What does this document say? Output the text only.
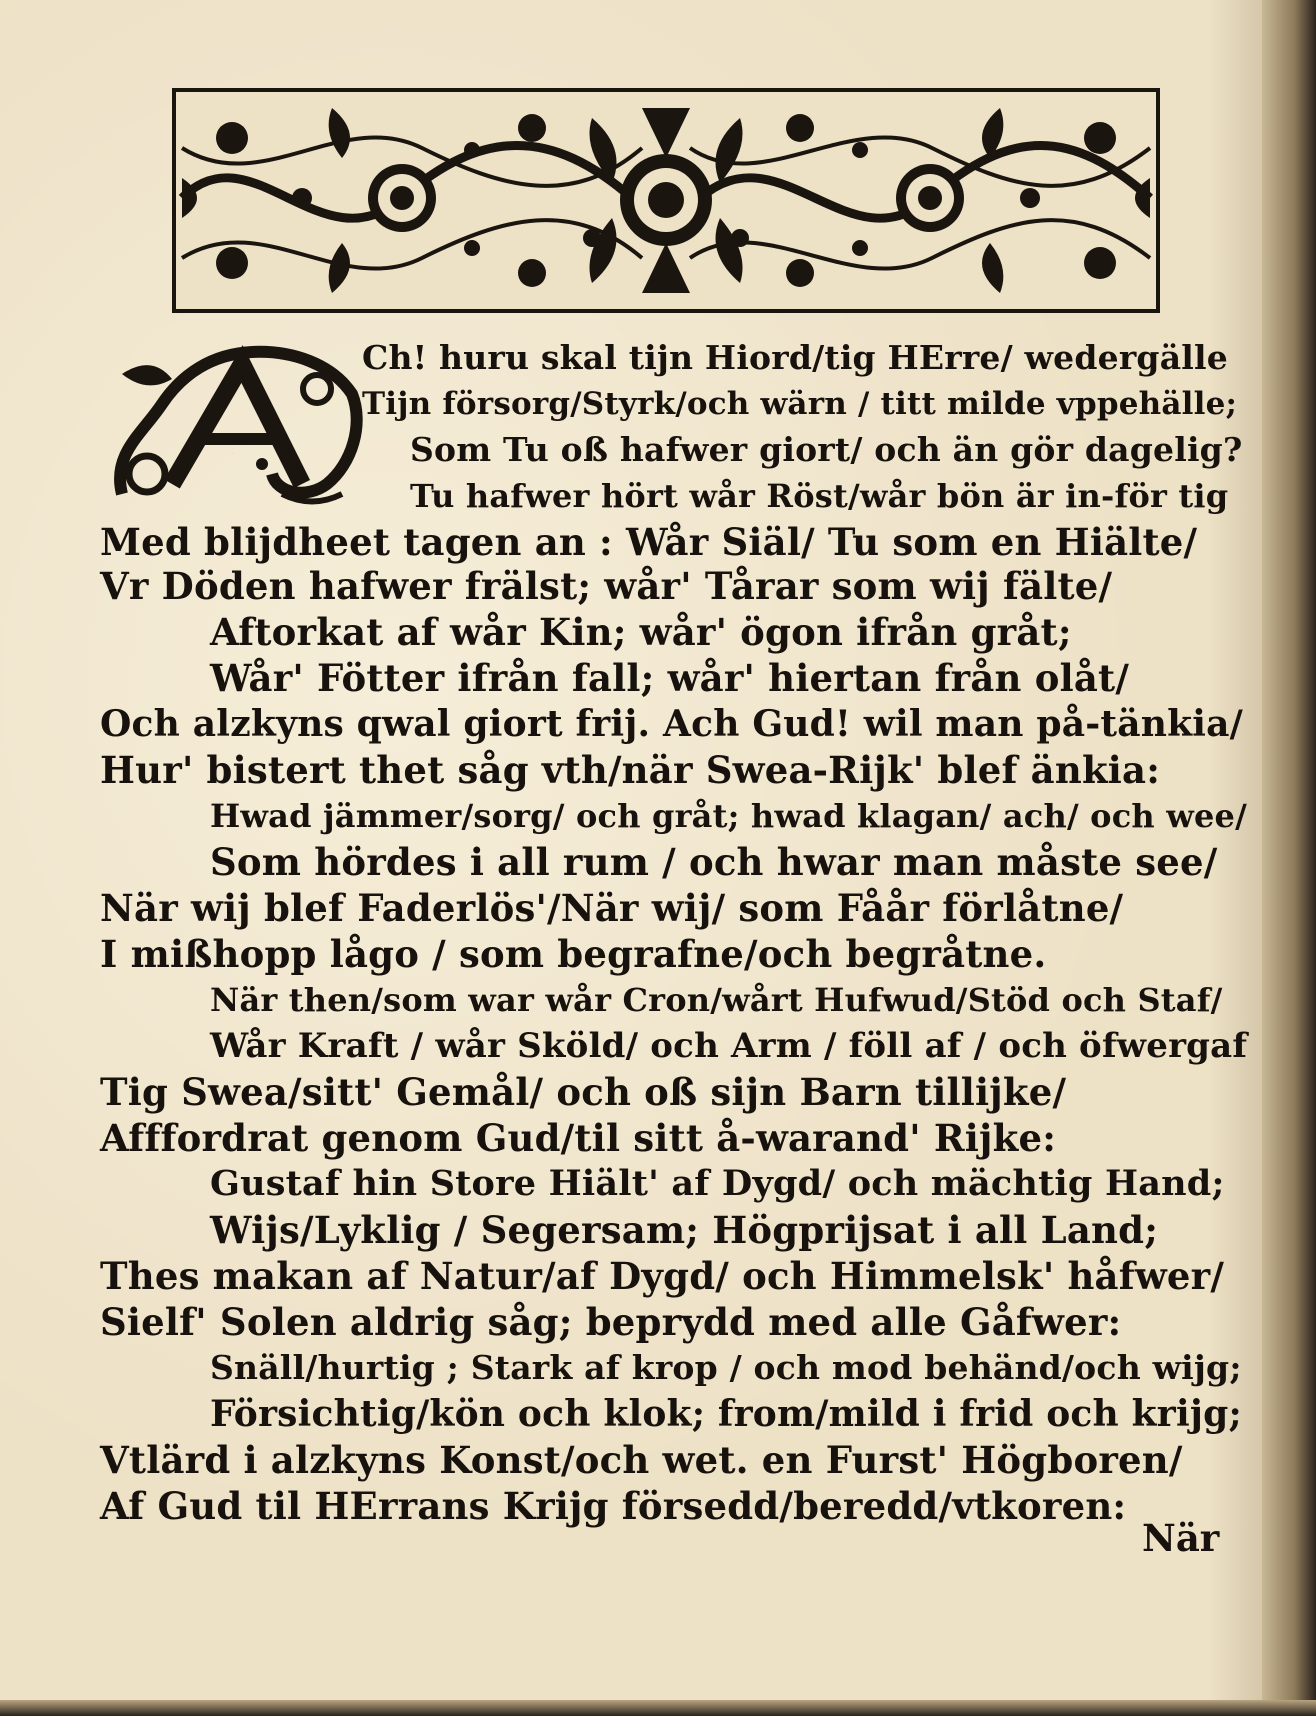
A
Ch! huru skal tijn Hiord/tig HErre/ wedergälle
Tijn försorg/Styrk/och wärn / titt milde vppehälle;
Som Tu oß hafwer giort/ och än gör dagelig?
Tu hafwer hört wår Röst/wår bön är in-för tig
Med blijdheet tagen an : Wår Siäl/ Tu som en Hiälte/
Vr Döden hafwer frälst; wår' Tårar som wij fälte/
Aftorkat af wår Kin; wår' ögon ifrån gråt;
Wår' Fötter ifrån fall; wår' hiertan från olåt/
Och alzkyns qwal giort frij. Ach Gud! wil man på-tänkia/
Hur' bistert thet såg vth/när Swea-Rijk' blef änkia:
Hwad jämmer/sorg/ och gråt; hwad klagan/ ach/ och wee/
Som hördes i all rum / och hwar man måste see/
När wij blef Faderlös'/När wij/ som Fåår förlåtne/
I mißhopp lågo / som begrafne/och begråtne.
När then/som war wår Cron/wårt Hufwud/Stöd och Staf/
Wår Kraft / wår Sköld/ och Arm / föll af / och öfwergaf
Tig Swea/sitt' Gemål/ och oß sijn Barn tillijke/
Afffordrat genom Gud/til sitt å-warand' Rijke:
Gustaf hin Store Hiält' af Dygd/ och mächtig Hand;
Wijs/Lyklig / Segersam; Högprijsat i all Land;
Thes makan af Natur/af Dygd/ och Himmelsk' håfwer/
Sielf' Solen aldrig såg; beprydd med alle Gåfwer:
Snäll/hurtig ; Stark af krop / och mod behänd/och wijg;
Försichtig/kön och klok; from/mild i frid och krijg;
Vtlärd i alzkyns Konst/och wet. en Furst' Högboren/
Af Gud til HErrans Krijg försedd/beredd/vtkoren:
När
